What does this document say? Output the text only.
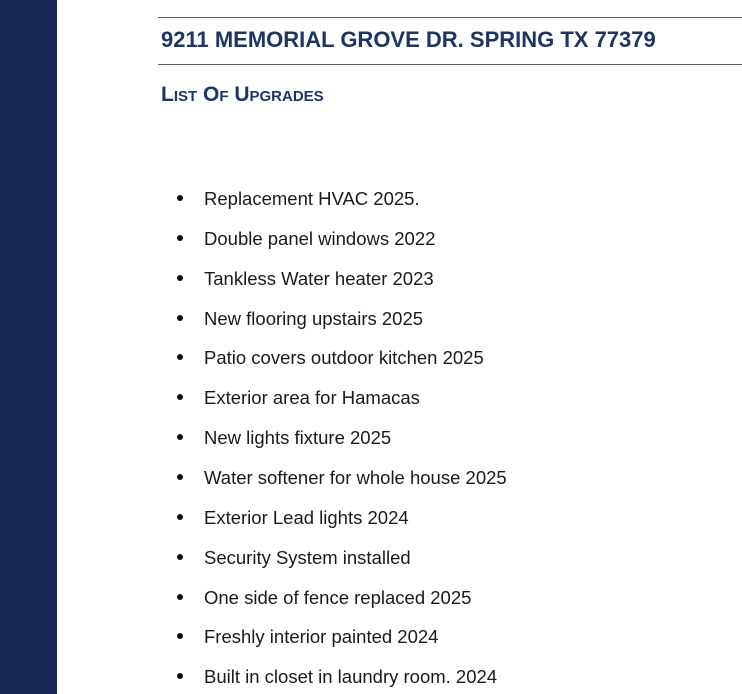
9211 MEMORIAL GROVE DR. SPRING TX 77379
List Of Upgrades
Replacement HVAC 2025.
Double panel windows 2022
Tankless Water heater 2023
New flooring upstairs 2025
Patio covers outdoor kitchen 2025
Exterior area for Hamacas
New lights fixture 2025
Water softener for whole house 2025
Exterior Lead lights 2024
Security System installed
One side of fence replaced 2025
Freshly interior painted 2024
Built in closet in laundry room. 2024
